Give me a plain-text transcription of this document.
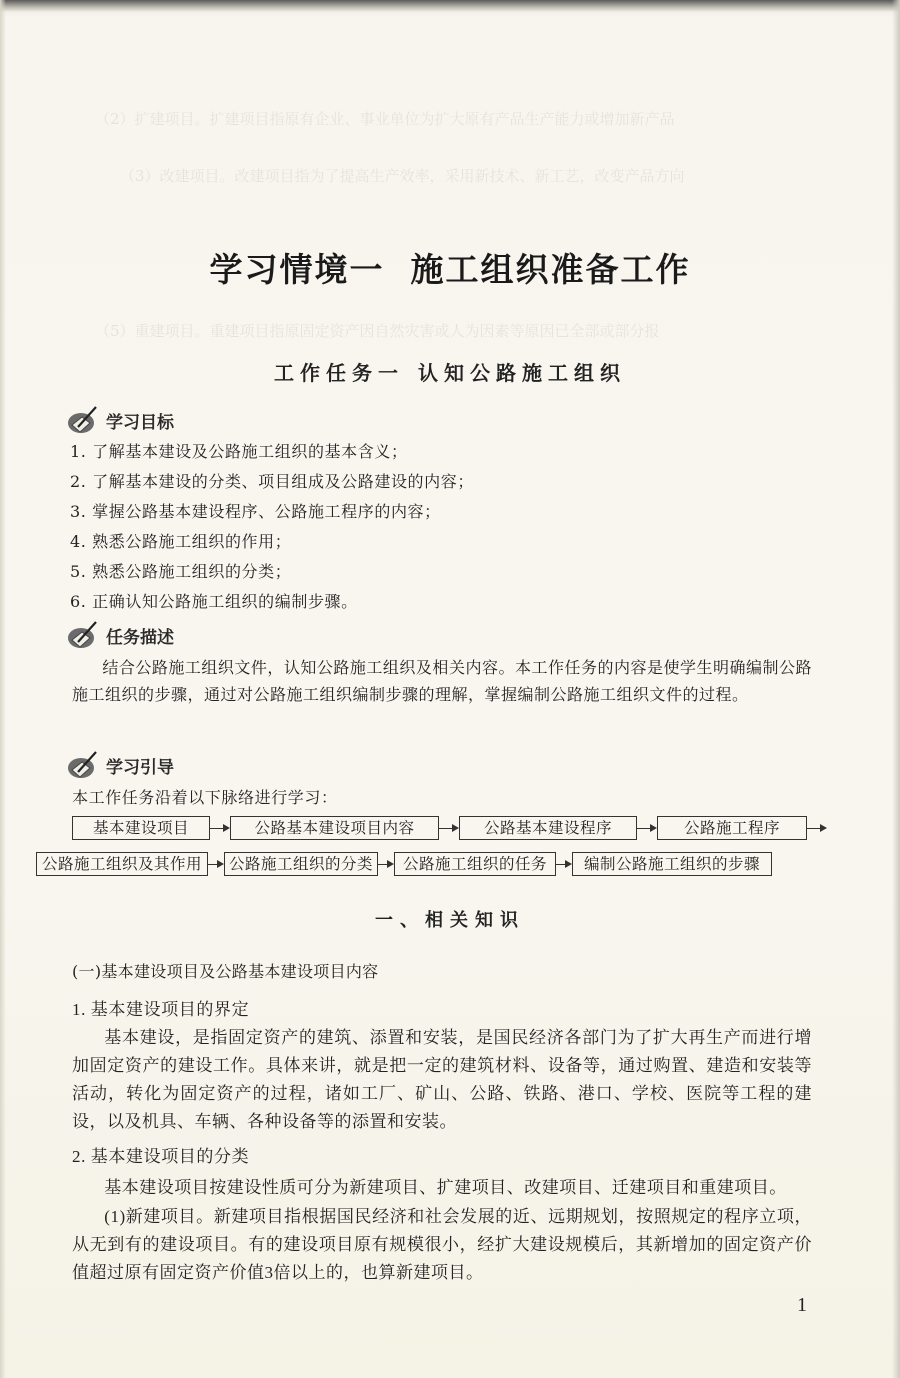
（2）扩建项目。扩建项目指原有企业、事业单位为扩大原有产品生产能力或增加新产品
（3）改建项目。改建项目指为了提高生产效率，采用新技术、新工艺，改变产品方向
（5）重建项目。重建项目指原固定资产因自然灾害或人为因素等原因已全部或部分报
学习情境一 施工组织准备工作
工作任务一 认知公路施工组织
学习目标
1. 了解基本建设及公路施工组织的基本含义；
2. 了解基本建设的分类、项目组成及公路建设的内容；
3. 掌握公路基本建设程序、公路施工程序的内容；
4. 熟悉公路施工组织的作用；
5. 熟悉公路施工组织的分类；
6. 正确认知公路施工组织的编制步骤。
任务描述

结合公路施工组织文件，认知公路施工组织及相关内容。本工作任务的内容是使学生明确编制公路施工组织的步骤，通过对公路施工组织编制步骤的理解，掌握编制公路施工组织文件的过程。

学习引导
本工作任务沿着以下脉络进行学习：
基本建设项目	公路基本建设项目内容	公路基本建设程序	公路施工程序
公路施工组织及其作用	公路施工组织的分类	公路施工组织的任务	编制公路施工组织的步骤
一、相关知识
(一)基本建设项目及公路基本建设项目内容
1. 基本建设项目的界定

基本建设，是指固定资产的建筑、添置和安装，是国民经济各部门为了扩大再生产而进行增加固定资产的建设工作。具体来讲，就是把一定的建筑材料、设备等，通过购置、建造和安装等活动，转化为固定资产的过程，诸如工厂、矿山、公路、铁路、港口、学校、医院等工程的建设，以及机具、车辆、各种设备等的添置和安装。

2. 基本建设项目的分类

基本建设项目按建设性质可分为新建项目、扩建项目、改建项目、迁建项目和重建项目。

(1)新建项目。新建项目指根据国民经济和社会发展的近、远期规划，按照规定的程序立项，从无到有的建设项目。有的建设项目原有规模很小，经扩大建设规模后，其新增加的固定资产价值超过原有固定资产价值3倍以上的，也算新建项目。

1
